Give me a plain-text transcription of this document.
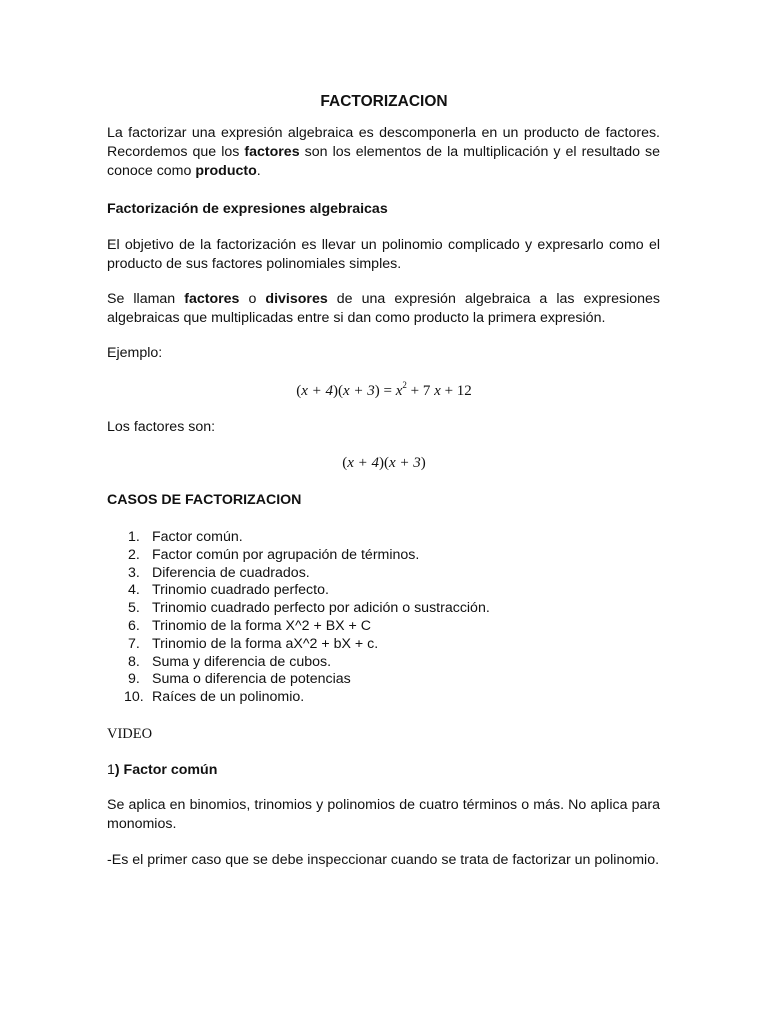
FACTORIZACION

La factorizar una expresión algebraica es descomponerla en un producto de factores. Recordemos que los factores son los elementos de la multiplicación y el resultado se conoce como producto.

Factorización de expresiones algebraicas

El objetivo de la factorización es llevar un polinomio complicado y expresarlo como el producto de sus factores polinomiales simples.

Se llaman factores o divisores de una expresión algebraica a las expresiones algebraicas que multiplicadas entre si dan como producto la primera expresión.

Ejemplo:

$(x + 4)(x + 3) = x^2 + 7$ x + 12

Los factores son:

(x + 4)(x + 3)

CASOS DE FACTORIZACION

1. Factor común.
2. Factor común por agrupación de términos.
3. Diferencia de cuadrados.
4. Trinomio cuadrado perfecto.
5. Trinomio cuadrado perfecto por adición o sustracción.
6. Trinomio de la forma X^2 + BX + C
7. Trinomio de la forma aX^2 + bX + c.
8. Suma y diferencia de cubos.
9. Suma o diferencia de potencias
10. Raíces de un polinomio.

VIDEO

1) Factor común

Se aplica en binomios, trinomios y polinomios de cuatro términos o más. No aplica para monomios.

-Es el primer caso que se debe inspeccionar cuando se trata de factorizar un polinomio.
